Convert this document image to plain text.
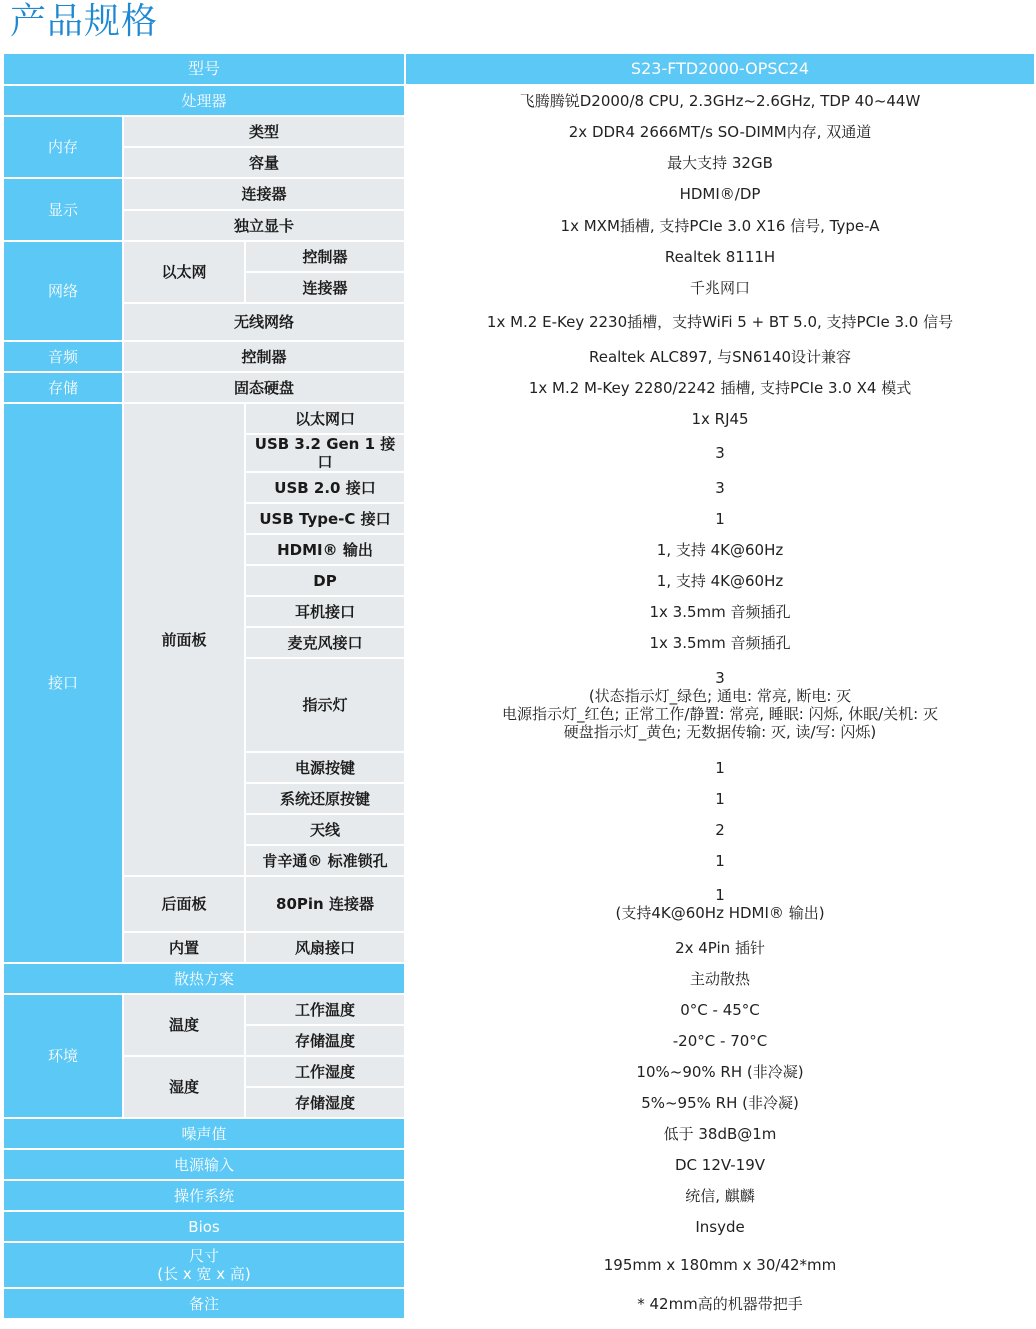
产品规格
型号			S23-FTD2000-OPSC24
处理器			飞腾腾锐D2000/8 CPU, 2.3GHz~2.6GHz, TDP 40~44W
内存	类型		2x DDR4 2666MT/s SO-DIMM内存, 双通道
	容量		最大支持 32GB
显示	连接器		HDMI®/DP
	独立显卡		1x MXM插槽, 支持PCIe 3.0 X16 信号, Type-A
网络	以太网	控制器	Realtek 8111H
		连接器	千兆网口
	无线网络		1x M.2 E-Key 2230插槽，支持WiFi 5 + BT 5.0, 支持PCIe 3.0 信号
音频	控制器		Realtek ALC897, 与SN6140设计兼容
存储	固态硬盘		1x M.2 M-Key 2280/2242 插槽, 支持PCIe 3.0 X4 模式
接口	前面板	以太网口	1x RJ45
		USB 3.2 Gen 1 接口	3
		USB 2.0 接口	3
		USB Type-C 接口	1
		HDMI® 输出	1, 支持 4K@60Hz
		DP	1, 支持 4K@60Hz
		耳机接口	1x 3.5mm 音频插孔
		麦克风接口	1x 3.5mm 音频插孔
		指示灯	3
(状态指示灯_绿色; 通电: 常亮, 断电: 灭
电源指示灯_红色; 正常工作/静置: 常亮, 睡眠: 闪烁, 休眠/关机: 灭
硬盘指示灯_黄色; 无数据传输: 灭, 读/写: 闪烁)

		电源按键	1
		系统还原按键	1
		天线	2
		肯辛通® 标准锁孔	1

	后面板	80Pin 连接器	1
(支持4K@60Hz HDMI® 输出)

	内置	风扇接口	2x 4Pin 插针

散热方案			主动散热
环境	温度	工作温度	0°C - 45°C
		存储温度	-20°C - 70°C
	湿度	工作湿度	10%~90% RH (非冷凝)
		存储湿度	5%~95% RH (非冷凝)
噪声值			低于 38dB@1m
电源输入			DC 12V-19V
操作系统			统信, 麒麟
Bios			Insyde

尺寸
(长 x 宽 x 高)			195mm x 180mm x 30/42*mm
备注			* 42mm高的机器带把手
